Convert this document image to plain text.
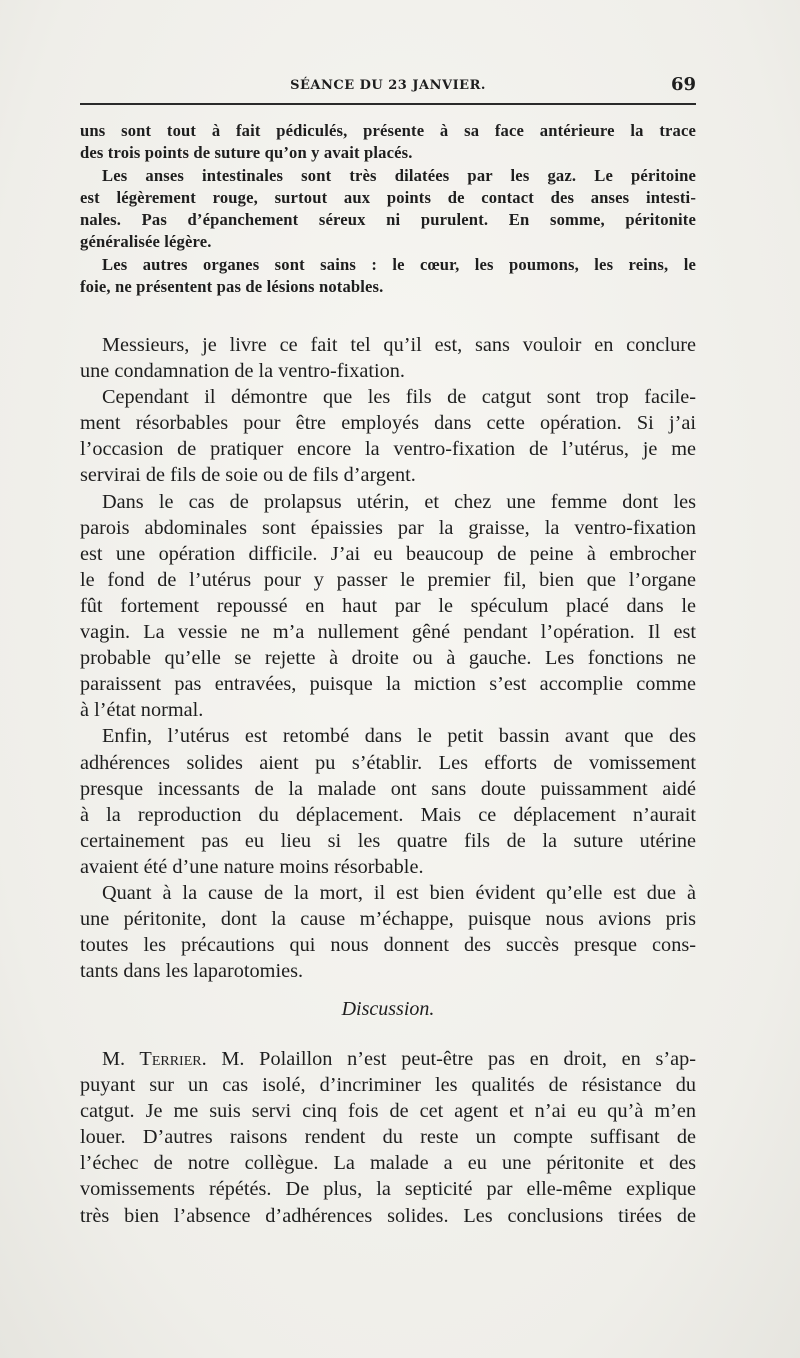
SÉANCE DU 23 JANVIER.	69
uns sont tout à fait pédiculés, présente à sa face antérieure la trace
des trois points de suture qu’on y avait placés.
Les anses intestinales sont très dilatées par les gaz. Le péritoine
est légèrement rouge, surtout aux points de contact des anses intesti-
nales. Pas d’épanchement séreux ni purulent. En somme, péritonite
généralisée légère.
Les autres organes sont sains : le cœur, les poumons, les reins, le
foie, ne présentent pas de lésions notables.
Messieurs, je livre ce fait tel qu’il est, sans vouloir en conclure
une condamnation de la ventro-fixation.
Cependant il démontre que les fils de catgut sont trop facile-
ment résorbables pour être employés dans cette opération. Si j’ai
l’occasion de pratiquer encore la ventro-fixation de l’utérus, je me
servirai de fils de soie ou de fils d’argent.
Dans le cas de prolapsus utérin, et chez une femme dont les
parois abdominales sont épaissies par la graisse, la ventro-fixation
est une opération difficile. J’ai eu beaucoup de peine à embrocher
le fond de l’utérus pour y passer le premier fil, bien que l’organe
fût fortement repoussé en haut par le spéculum placé dans le
vagin. La vessie ne m’a nullement gêné pendant l’opération. Il est
probable qu’elle se rejette à droite ou à gauche. Les fonctions ne
paraissent pas entravées, puisque la miction s’est accomplie comme
à l’état normal.
Enfin, l’utérus est retombé dans le petit bassin avant que des
adhérences solides aient pu s’établir. Les efforts de vomissement
presque incessants de la malade ont sans doute puissamment aidé
à la reproduction du déplacement. Mais ce déplacement n’aurait
certainement pas eu lieu si les quatre fils de la suture utérine
avaient été d’une nature moins résorbable.
Quant à la cause de la mort, il est bien évident qu’elle est due à
une péritonite, dont la cause m’échappe, puisque nous avions pris
toutes les précautions qui nous donnent des succès presque cons-
tants dans les laparotomies.
Discussion.
M. Terrier. M. Polaillon n’est peut-être pas en droit, en s’ap-
puyant sur un cas isolé, d’incriminer les qualités de résistance du
catgut. Je me suis servi cinq fois de cet agent et n’ai eu qu’à m’en
louer. D’autres raisons rendent du reste un compte suffisant de
l’échec de notre collègue. La malade a eu une péritonite et des
vomissements répétés. De plus, la septicité par elle-même explique
très bien l’absence d’adhérences solides. Les conclusions tirées de
